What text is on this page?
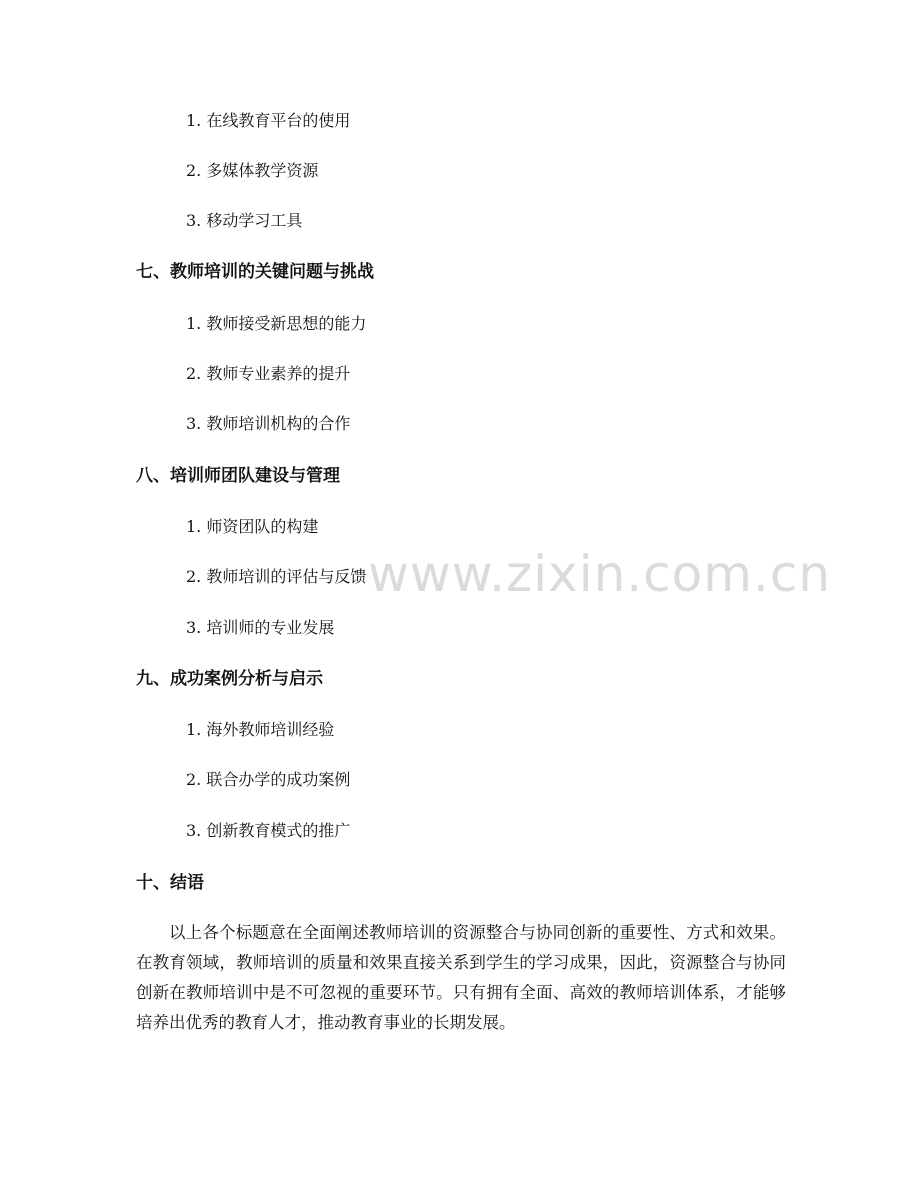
1. 在线教育平台的使用
2. 多媒体教学资源
3. 移动学习工具
七、教师培训的关键问题与挑战
1. 教师接受新思想的能力
2. 教师专业素养的提升
3. 教师培训机构的合作
八、培训师团队建设与管理
1. 师资团队的构建
2. 教师培训的评估与反馈
3. 培训师的专业发展
九、成功案例分析与启示
1. 海外教师培训经验
2. 联合办学的成功案例
3. 创新教育模式的推广
十、结语
以上各个标题意在全面阐述教师培训的资源整合与协同创新的重要性、方式和效果。在教育领域，教师培训的质量和效果直接关系到学生的学习成果，因此，资源整合与协同创新在教师培训中是不可忽视的重要环节。只有拥有全面、高效的教师培训体系，才能够培养出优秀的教育人才，推动教育事业的长期发展。
www.zixin.com.cn
